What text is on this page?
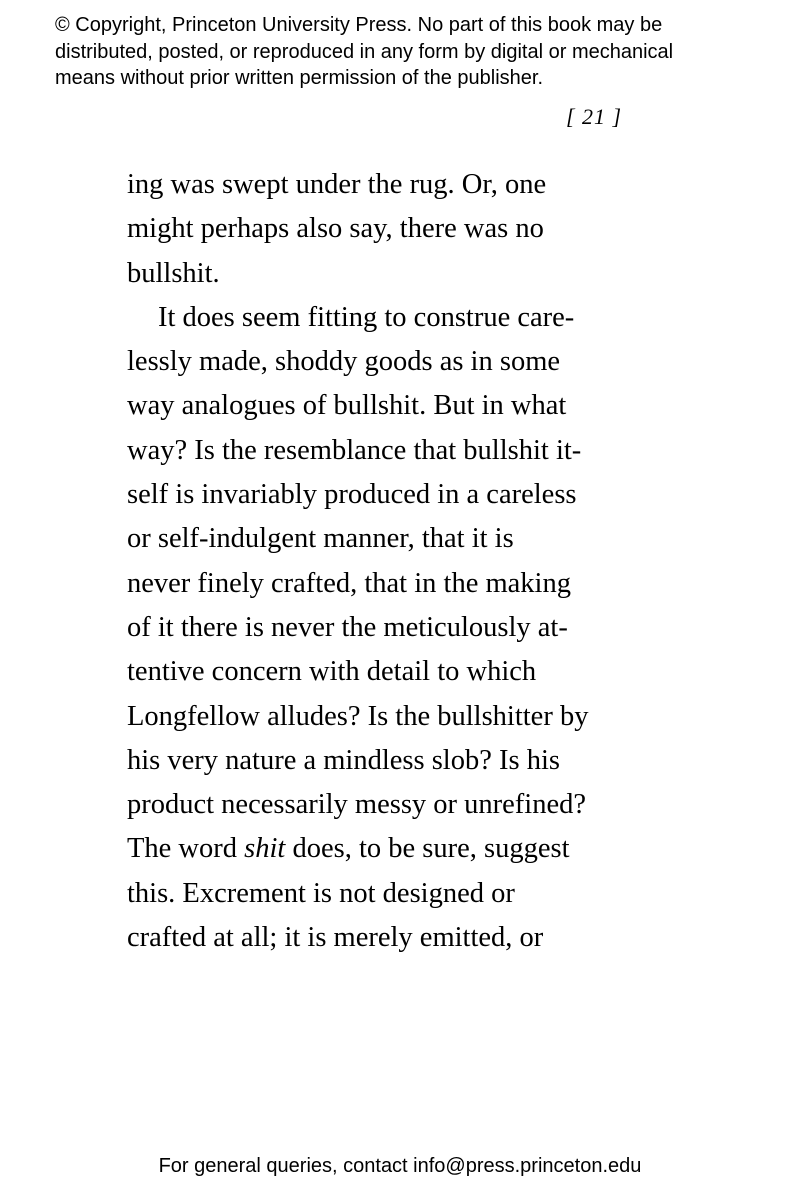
© Copyright, Princeton University Press. No part of this book may be
distributed, posted, or reproduced in any form by digital or mechanical
means without prior written permission of the publisher.
[ 21 ]
ing was swept under the rug. Or, one
might perhaps also say, there was no
bullshit.
It does seem fitting to construe care-
lessly made, shoddy goods as in some
way analogues of bullshit. But in what
way? Is the resemblance that bullshit it-
self is invariably produced in a careless
or self-indulgent manner, that it is
never finely crafted, that in the making
of it there is never the meticulously at-
tentive concern with detail to which
Longfellow alludes? Is the bullshitter by
his very nature a mindless slob? Is his
product necessarily messy or unrefined?
The word shit does, to be sure, suggest
this. Excrement is not designed or
crafted at all; it is merely emitted, or
For general queries, contact info@press.princeton.edu
